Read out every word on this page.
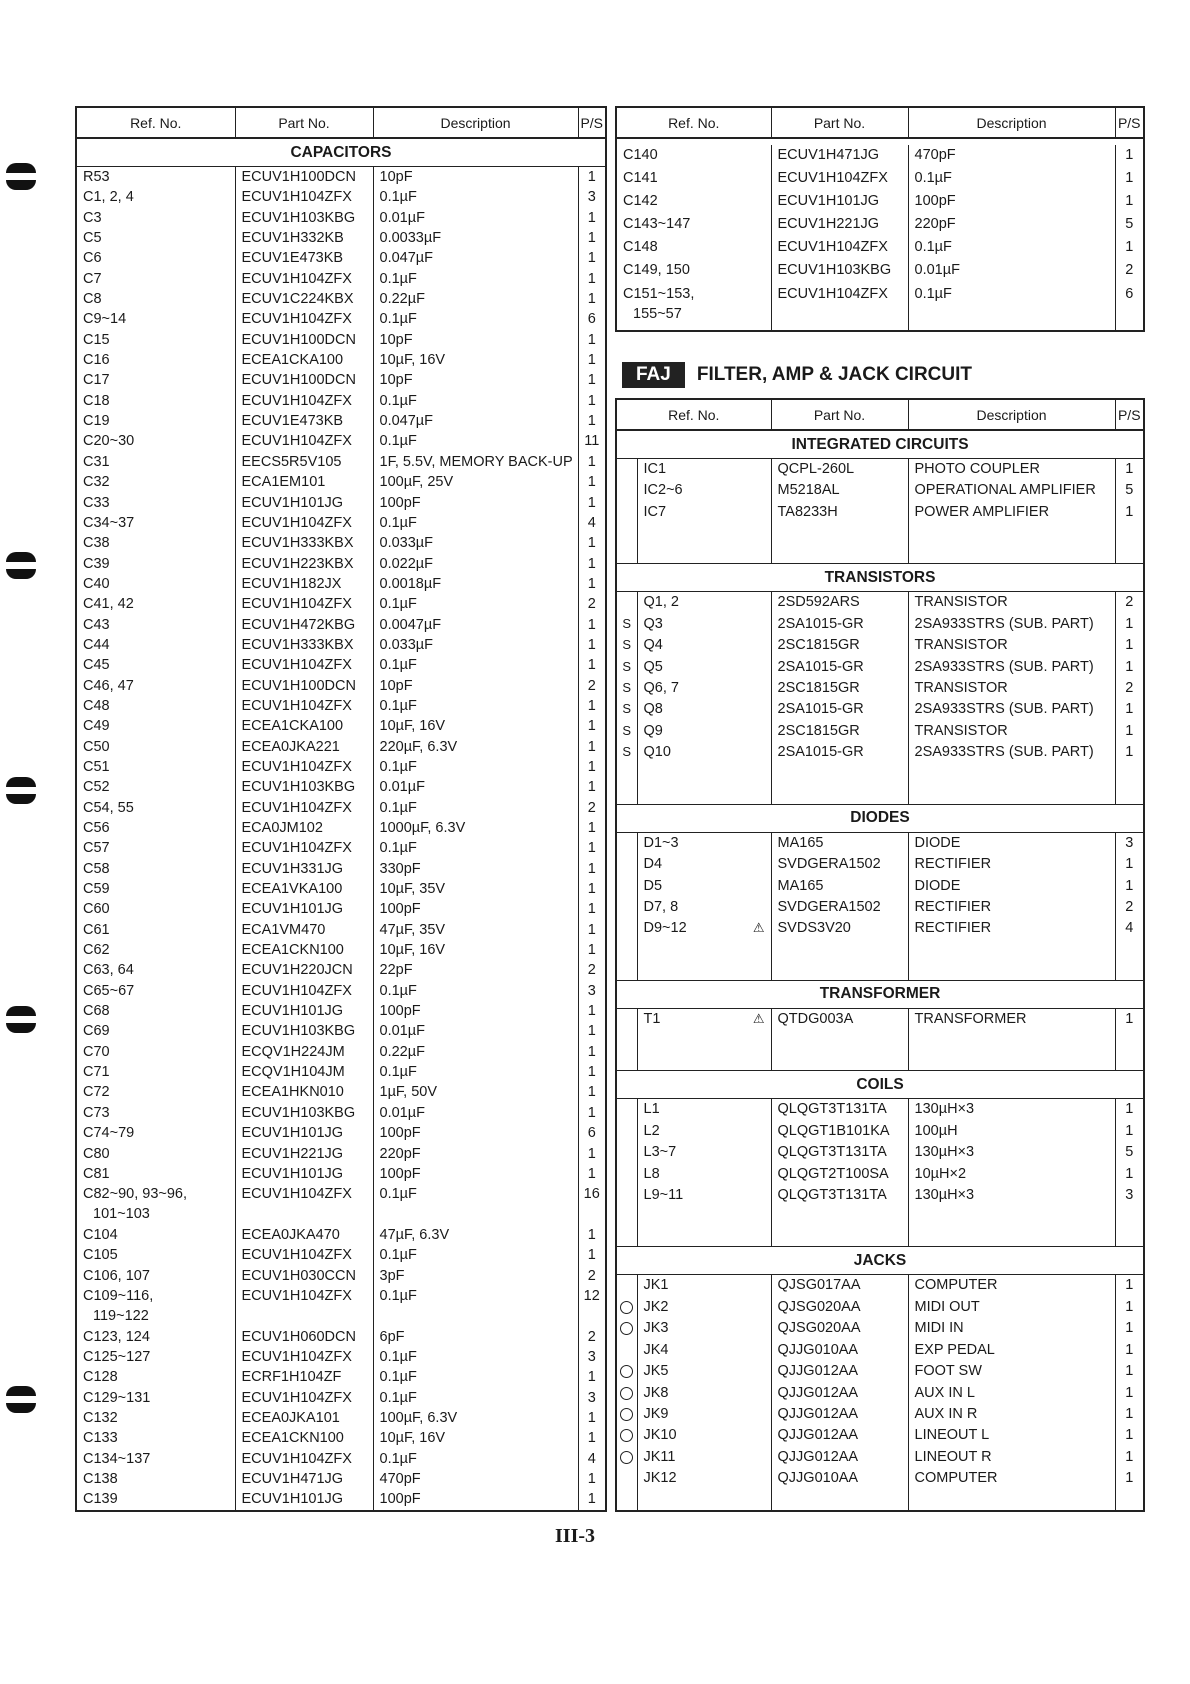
Ref. No.	Part No.	Description	P/S
CAPACITORS			
R53	ECUV1H100DCN	10pF	1
C1, 2, 4	ECUV1H104ZFX	0.1µF	3
C3	ECUV1H103KBG	0.01µF	1
C5	ECUV1H332KB	0.0033µF	1
C6	ECUV1E473KB	0.047µF	1
C7	ECUV1H104ZFX	0.1µF	1
C8	ECUV1C224KBX	0.22µF	1
C9~14	ECUV1H104ZFX	0.1µF	6
C15	ECUV1H100DCN	10pF	1
C16	ECEA1CKA100	10µF, 16V	1
C17	ECUV1H100DCN	10pF	1
C18	ECUV1H104ZFX	0.1µF	1
C19	ECUV1E473KB	0.047µF	1
C20~30	ECUV1H104ZFX	0.1µF	11
C31	EECS5R5V105	1F, 5.5V, MEMORY BACK-UP	1
C32	ECA1EM101	100µF, 25V	1
C33	ECUV1H101JG	100pF	1
C34~37	ECUV1H104ZFX	0.1µF	4
C38	ECUV1H333KBX	0.033µF	1
C39	ECUV1H223KBX	0.022µF	1
C40	ECUV1H182JX	0.0018µF	1
C41, 42	ECUV1H104ZFX	0.1µF	2
C43	ECUV1H472KBG	0.0047µF	1
C44	ECUV1H333KBX	0.033µF	1
C45	ECUV1H104ZFX	0.1µF	1
C46, 47	ECUV1H100DCN	10pF	2
C48	ECUV1H104ZFX	0.1µF	1
C49	ECEA1CKA100	10µF, 16V	1
C50	ECEA0JKA221	220µF, 6.3V	1
C51	ECUV1H104ZFX	0.1µF	1
C52	ECUV1H103KBG	0.01µF	1
C54, 55	ECUV1H104ZFX	0.1µF	2
C56	ECA0JM102	1000µF, 6.3V	1
C57	ECUV1H104ZFX	0.1µF	1
C58	ECUV1H331JG	330pF	1
C59	ECEA1VKA100	10µF, 35V	1
C60	ECUV1H101JG	100pF	1
C61	ECA1VM470	47µF, 35V	1
C62	ECEA1CKN100	10µF, 16V	1
C63, 64	ECUV1H220JCN	22pF	2
C65~67	ECUV1H104ZFX	0.1µF	3
C68	ECUV1H101JG	100pF	1
C69	ECUV1H103KBG	0.01µF	1
C70	ECQV1H224JM	0.22µF	1
C71	ECQV1H104JM	0.1µF	1
C72	ECEA1HKN010	1µF, 50V	1
C73	ECUV1H103KBG	0.01µF	1
C74~79	ECUV1H101JG	100pF	6
C80	ECUV1H221JG	220pF	1
C81	ECUV1H101JG	100pF	1
C82~90, 93~96,
101~103	ECUV1H104ZFX	0.1µF	16
C104	ECEA0JKA470	47µF, 6.3V	1
C105	ECUV1H104ZFX	0.1µF	1
C106, 107	ECUV1H030CCN	3pF	2
C109~116,
119~122	ECUV1H104ZFX	0.1µF	12
C123, 124	ECUV1H060DCN	6pF	2
C125~127	ECUV1H104ZFX	0.1µF	3
C128	ECRF1H104ZF	0.1µF	1
C129~131	ECUV1H104ZFX	0.1µF	3
C132	ECEA0JKA101	100µF, 6.3V	1
C133	ECEA1CKN100	10µF, 16V	1
C134~137	ECUV1H104ZFX	0.1µF	4
C138	ECUV1H471JG	470pF	1
C139	ECUV1H101JG	100pF	1

Ref. No.	Part No.	Description	P/S

C140	ECUV1H471JG	470pF	1
C141	ECUV1H104ZFX	0.1µF	1
C142	ECUV1H101JG	100pF	1
C143~147	ECUV1H221JG	220pF	5
C148	ECUV1H104ZFX	0.1µF	1
C149, 150	ECUV1H103KBG	0.01µF	2
C151~153,
155~57	ECUV1H104ZFX	0.1µF	6

FAJ	FILTER, AMP & JACK CIRCUIT
Ref. No.		Part No.	Description	P/S
INTEGRATED CIRCUITS				
	IC1	QCPL-260L	PHOTO COUPLER	1
	IC2~6	M5218AL	OPERATIONAL AMPLIFIER	5
	IC7	TA8233H	POWER AMPLIFIER	1

TRANSISTORS				
	Q1, 2	2SD592ARS	TRANSISTOR	2
S	Q3	2SA1015-GR	2SA933STRS (SUB. PART)	1
S	Q4	2SC1815GR	TRANSISTOR	1
S	Q5	2SA1015-GR	2SA933STRS (SUB. PART)	1
S	Q6, 7	2SC1815GR	TRANSISTOR	2
S	Q8	2SA1015-GR	2SA933STRS (SUB. PART)	1
S	Q9	2SC1815GR	TRANSISTOR	1
S	Q10	2SA1015-GR	2SA933STRS (SUB. PART)	1

DIODES				
	D1~3	MA165	DIODE	3
	D4	SVDGERA1502	RECTIFIER	1
	D5	MA165	DIODE	1
	D7, 8	SVDGERA1502	RECTIFIER	2
	D9~12 ⚠	SVDS3V20	RECTIFIER	4

TRANSFORMER				
	T1 ⚠	QTDG003A	TRANSFORMER	1

COILS				
	L1	QLQGT3T131TA	130µH×3	1
	L2	QLQGT1B101KA	100µH	1
	L3~7	QLQGT3T131TA	130µH×3	5
	L8	QLQGT2T100SA	10µH×2	1
	L9~11	QLQGT3T131TA	130µH×3	3

JACKS				
	JK1	QJSG017AA	COMPUTER	1
	JK2	QJSG020AA	MIDI OUT	1
	JK3	QJSG020AA	MIDI IN	1
	JK4	QJJG010AA	EXP PEDAL	1
	JK5	QJJG012AA	FOOT SW	1
	JK8	QJJG012AA	AUX IN L	1
	JK9	QJJG012AA	AUX IN R	1
	JK10	QJJG012AA	LINEOUT L	1
	JK11	QJJG012AA	LINEOUT R	1
	JK12	QJJG010AA	COMPUTER	1

III-3
